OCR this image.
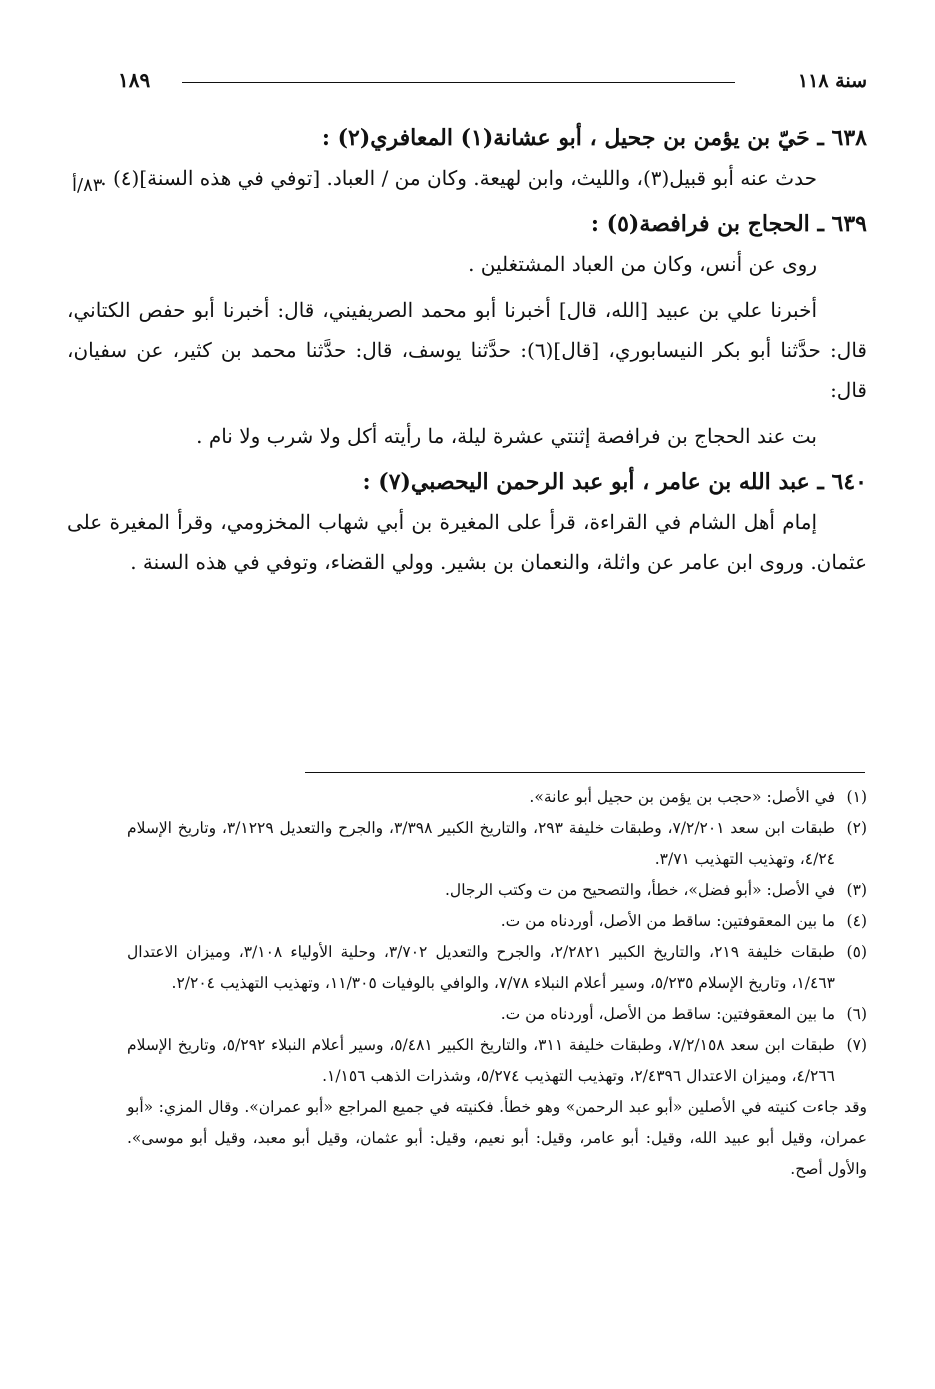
سنة ١١٨
١٨٩
٨٣/أ

٦٣٨ ـ حَيّ بن يؤمن بن جحيل ، أبو عشانة(١) المعافري(٢) :

حدث عنه أبو قبيل(٣)، والليث، وابن لهيعة. وكان من / العباد. [توفي في هذه السنة](٤) .

٦٣٩ ـ الحجاج بن فرافصة(٥) :

روى عن أنس، وكان من العباد المشتغلين .

أخبرنا علي بن عبيد [الله، قال] أخبرنا أبو محمد الصريفيني، قال: أخبرنا أبو حفص الكتاني، قال: حدَّثنا أبو بكر النيسابوري، [قال](٦): حدَّثنا يوسف، قال: حدَّثنا محمد بن كثير، عن سفيان، قال:

بت عند الحجاج بن فرافصة إثنتي عشرة ليلة، ما رأيته أكل ولا شرب ولا نام .

٦٤٠ ـ عبد الله بن عامر ، أبو عبد الرحمن اليحصبي(٧) :

إمام أهل الشام في القراءة، قرأ على المغيرة بن أبي شهاب المخزومي، وقرأ المغيرة على عثمان. وروى ابن عامر عن واثلة، والنعمان بن بشير. وولي القضاء، وتوفي في هذه السنة .

(١)
في الأصل: «حجب بن يؤمن بن حجيل أبو عانة».

(٢)
طبقات ابن سعد ٧/٢/٢٠١، وطبقات خليفة ٢٩٣، والتاريخ الكبير ٣/٣٩٨، والجرح والتعديل ٣/١٢٢٩، وتاريخ الإسلام ٤/٢٤، وتهذيب التهذيب ٣/٧١.

(٣)
في الأصل: «أبو فضل»، خطأ، والتصحيح من ت وكتب الرجال.

(٤)
ما بين المعقوفتين: ساقط من الأصل، أوردناه من ت.

(٥)
طبقات خليفة ٢١٩، والتاريخ الكبير ٢/٢٨٢١، والجرح والتعديل ٣/٧٠٢، وحلية الأولياء ٣/١٠٨، وميزان الاعتدال ١/٤٦٣، وتاريخ الإسلام ٥/٢٣٥، وسير أعلام النبلاء ٧/٧٨، والوافي بالوفيات ١١/٣٠٥، وتهذيب التهذيب ٢/٢٠٤.

(٦)
ما بين المعقوفتين: ساقط من الأصل، أوردناه من ت.

(٧)
طبقات ابن سعد ٧/٢/١٥٨، وطبقات خليفة ٣١١، والتاريخ الكبير ٥/٤٨١، وسير أعلام النبلاء ٥/٢٩٢، وتاريخ الإسلام ٤/٢٦٦، وميزان الاعتدال ٢/٤٣٩٦، وتهذيب التهذيب ٥/٢٧٤، وشذرات الذهب ١/١٥٦.

وقد جاءت كنيته في الأصلين «أبو عبد الرحمن» وهو خطأ. فكنيته في جميع المراجع «أبو عمران». وقال المزي: «أبو عمران، وقيل أبو عبيد الله، وقيل: أبو عامر، وقيل: أبو نعيم، وقيل: أبو عثمان، وقيل أبو معبد، وقيل أبو موسى». والأول أصح.
